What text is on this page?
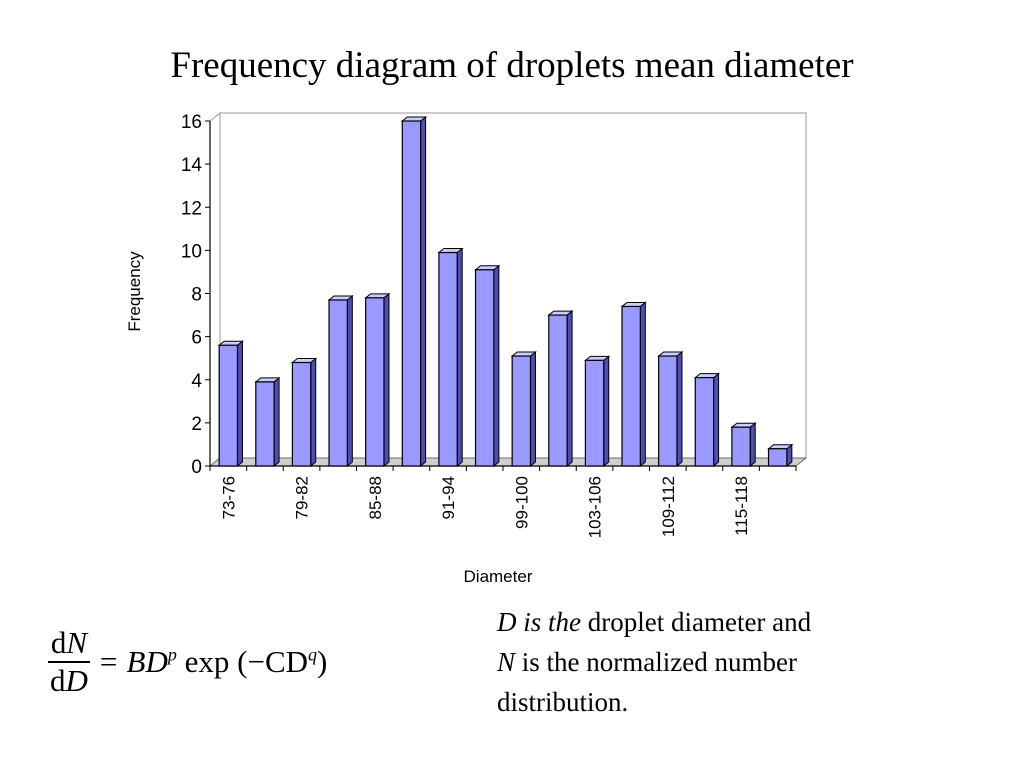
Frequency diagram of droplets mean diameter
0
2
4
6
8
10
12
14
16
73-76	79-82	85-88	91-94	99-100	103-106	109-112	115-118
Diameter
Frequency
$\frac{dN}{dD} = BD^p$ $\exp (-CD^q)$
D is the droplet diameter and
N is the normalized number
distribution.
